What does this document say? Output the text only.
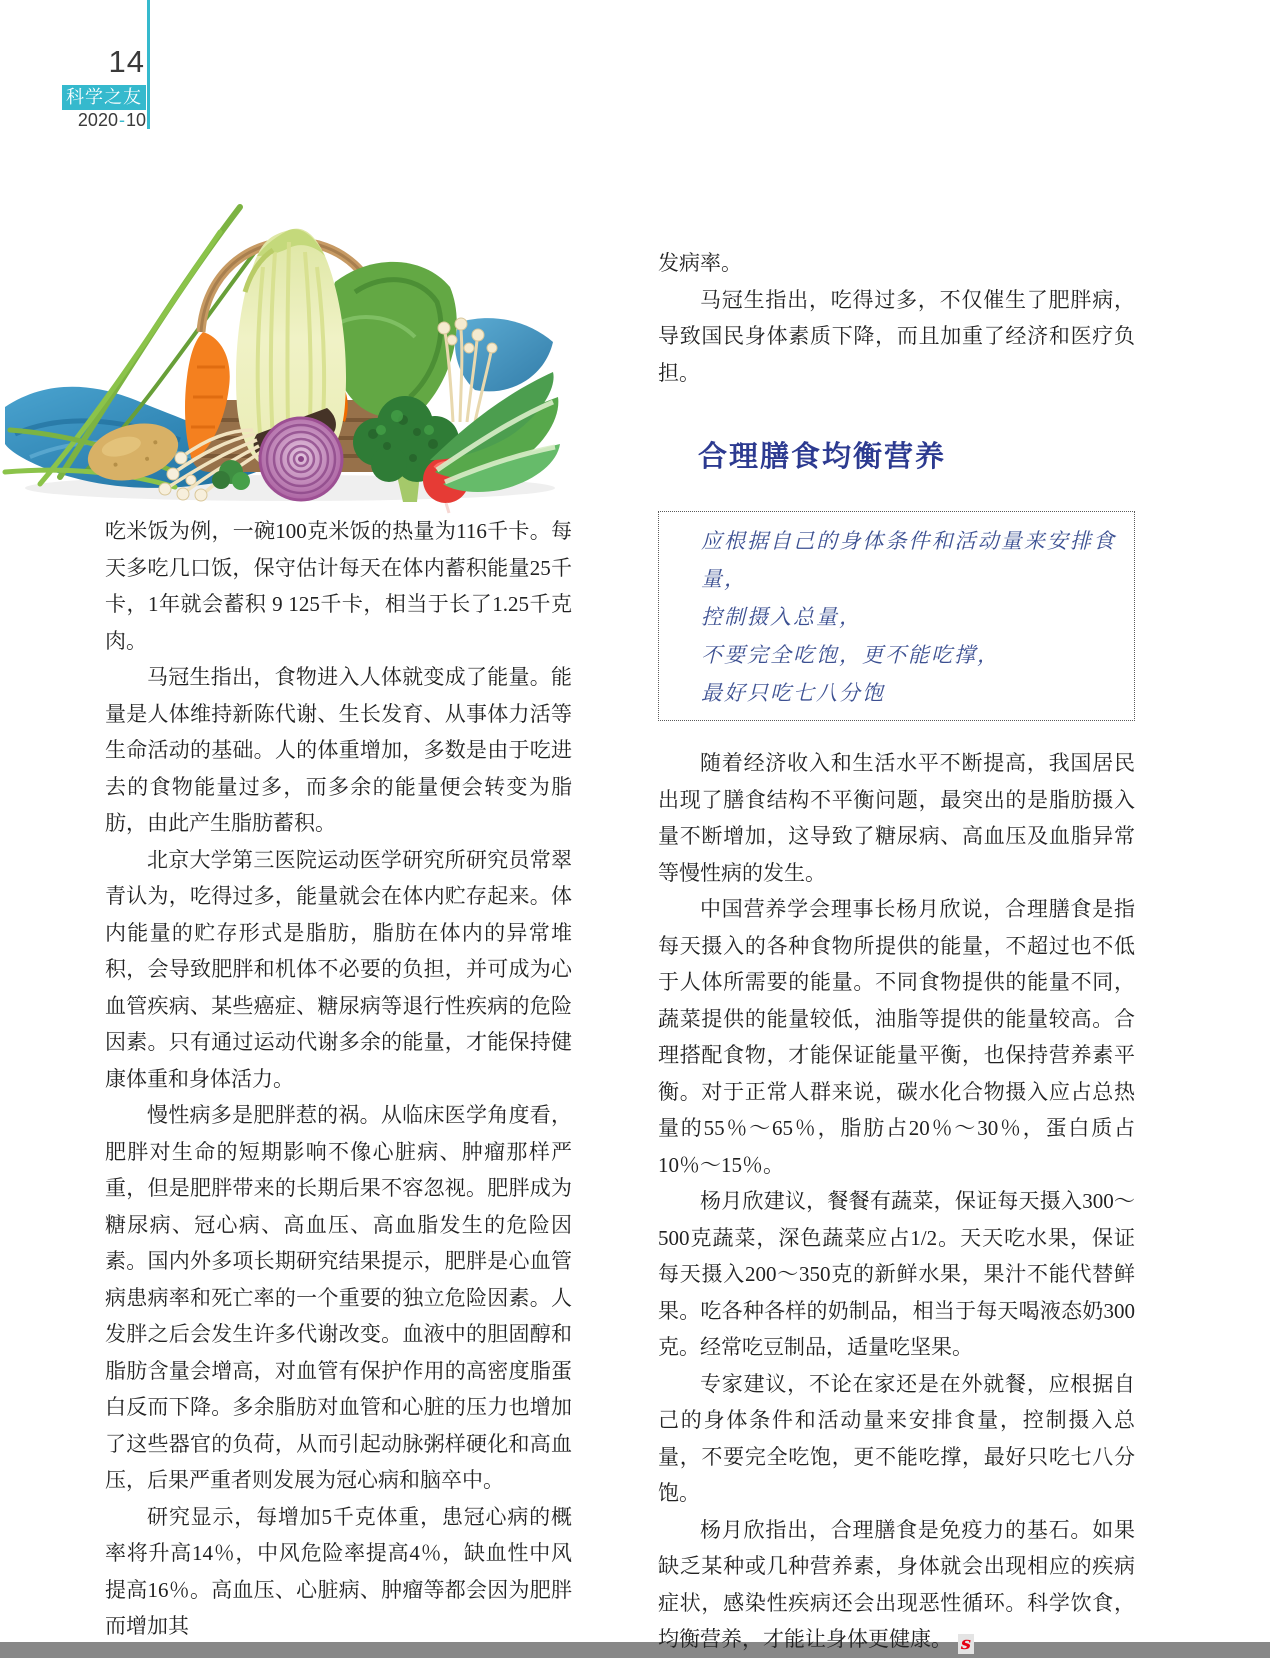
14
科学之友
2020-10

吃米饭为例，一碗100克米饭的热量为116千卡。每天多吃几口饭，保守估计每天在体内蓄积能量25千卡，1年就会蓄积 9 125千卡，相当于长了1.25千克肉。

马冠生指出，食物进入人体就变成了能量。能量是人体维持新陈代谢、生长发育、从事体力活等生命活动的基础。人的体重增加，多数是由于吃进去的食物能量过多，而多余的能量便会转变为脂肪，由此产生脂肪蓄积。

北京大学第三医院运动医学研究所研究员常翠青认为，吃得过多，能量就会在体内贮存起来。体内能量的贮存形式是脂肪，脂肪在体内的异常堆积，会导致肥胖和机体不必要的负担，并可成为心血管疾病、某些癌症、糖尿病等退行性疾病的危险因素。只有通过运动代谢多余的能量，才能保持健康体重和身体活力。

慢性病多是肥胖惹的祸。从临床医学角度看，肥胖对生命的短期影响不像心脏病、肿瘤那样严重，但是肥胖带来的长期后果不容忽视。肥胖成为糖尿病、冠心病、高血压、高血脂发生的危险因素。国内外多项长期研究结果提示，肥胖是心血管病患病率和死亡率的一个重要的独立危险因素。人发胖之后会发生许多代谢改变。血液中的胆固醇和脂肪含量会增高，对血管有保护作用的高密度脂蛋白反而下降。多余脂肪对血管和心脏的压力也增加了这些器官的负荷，从而引起动脉粥样硬化和高血压，后果严重者则发展为冠心病和脑卒中。

研究显示，每增加5千克体重，患冠心病的概率将升高14％，中风危险率提高4％，缺血性中风提高16％。高血压、心脏病、肿瘤等都会因为肥胖而增加其

发病率。

马冠生指出，吃得过多，不仅催生了肥胖病，导致国民身体素质下降，而且加重了经济和医疗负担。

合理膳食均衡营养
应根据自己的身体条件和活动量来安排食量，
控制摄入总量，
不要完全吃饱，更不能吃撑，
最好只吃七八分饱

随着经济收入和生活水平不断提高，我国居民出现了膳食结构不平衡问题，最突出的是脂肪摄入量不断增加，这导致了糖尿病、高血压及血脂异常等慢性病的发生。

中国营养学会理事长杨月欣说，合理膳食是指每天摄入的各种食物所提供的能量，不超过也不低于人体所需要的能量。不同食物提供的能量不同，蔬菜提供的能量较低，油脂等提供的能量较高。合理搭配食物，才能保证能量平衡，也保持营养素平衡。对于正常人群来说，碳水化合物摄入应占总热量的55％～65％，脂肪占20％～30％，蛋白质占10％～15％。

杨月欣建议，餐餐有蔬菜，保证每天摄入300～500克蔬菜，深色蔬菜应占1/2。天天吃水果，保证每天摄入200～350克的新鲜水果，果汁不能代替鲜果。吃各种各样的奶制品，相当于每天喝液态奶300克。经常吃豆制品，适量吃坚果。

专家建议，不论在家还是在外就餐，应根据自己的身体条件和活动量来安排食量，控制摄入总量，不要完全吃饱，更不能吃撑，最好只吃七八分饱。

杨月欣指出，合理膳食是免疫力的基石。如果缺乏某种或几种营养素，身体就会出现相应的疾病症状，感染性疾病还会出现恶性循环。科学饮食，均衡营养，才能让身体更健康。 s
